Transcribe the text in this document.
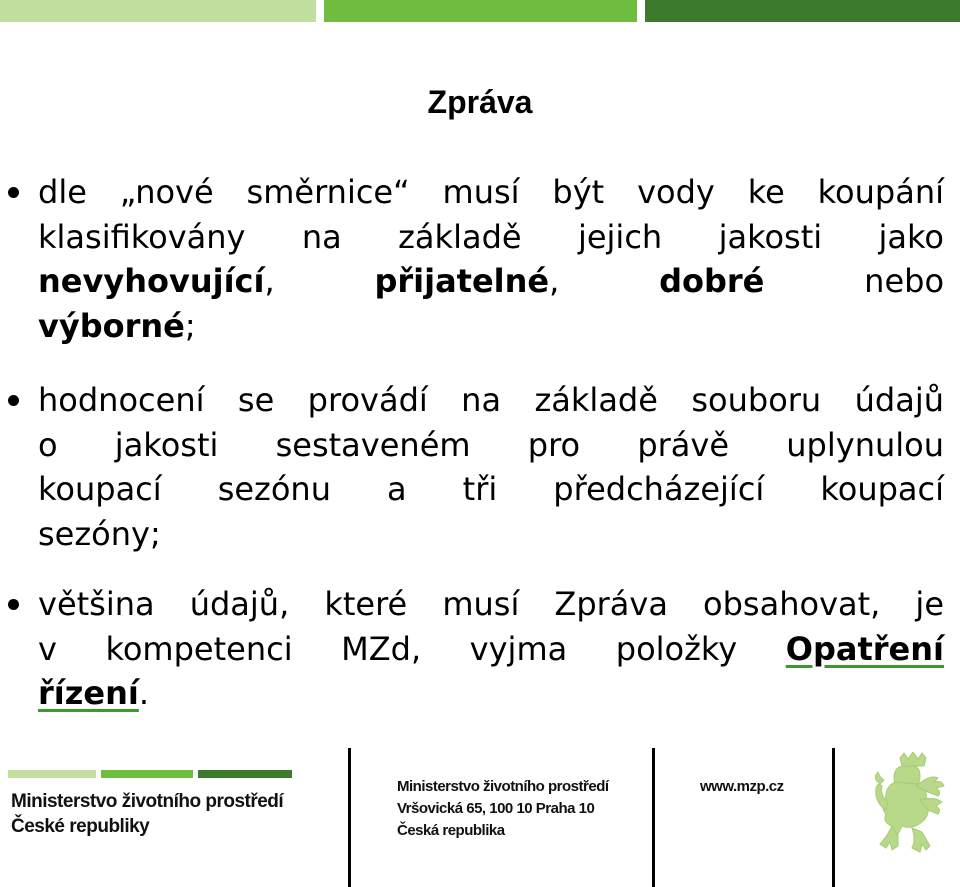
Zpráva
dle „nové směrnice“ musí být vody ke koupání
klasifikovány na základě jejich jakosti jako
nevyhovující, přijatelné, dobré nebo
výborné;
hodnocení se provádí na základě souboru údajů
o jakosti sestaveném pro právě uplynulou
koupací sezónu a tři předcházející koupací
sezóny;
většina údajů, které musí Zpráva obsahovat, je
v kompetenci MZd, vyjma položky Opatření
řízení.
Ministerstvo životního prostředí
České republiky
Ministerstvo životního prostředí
Vršovická 65, 100 10 Praha 10
Česká republika
www.mzp.cz
